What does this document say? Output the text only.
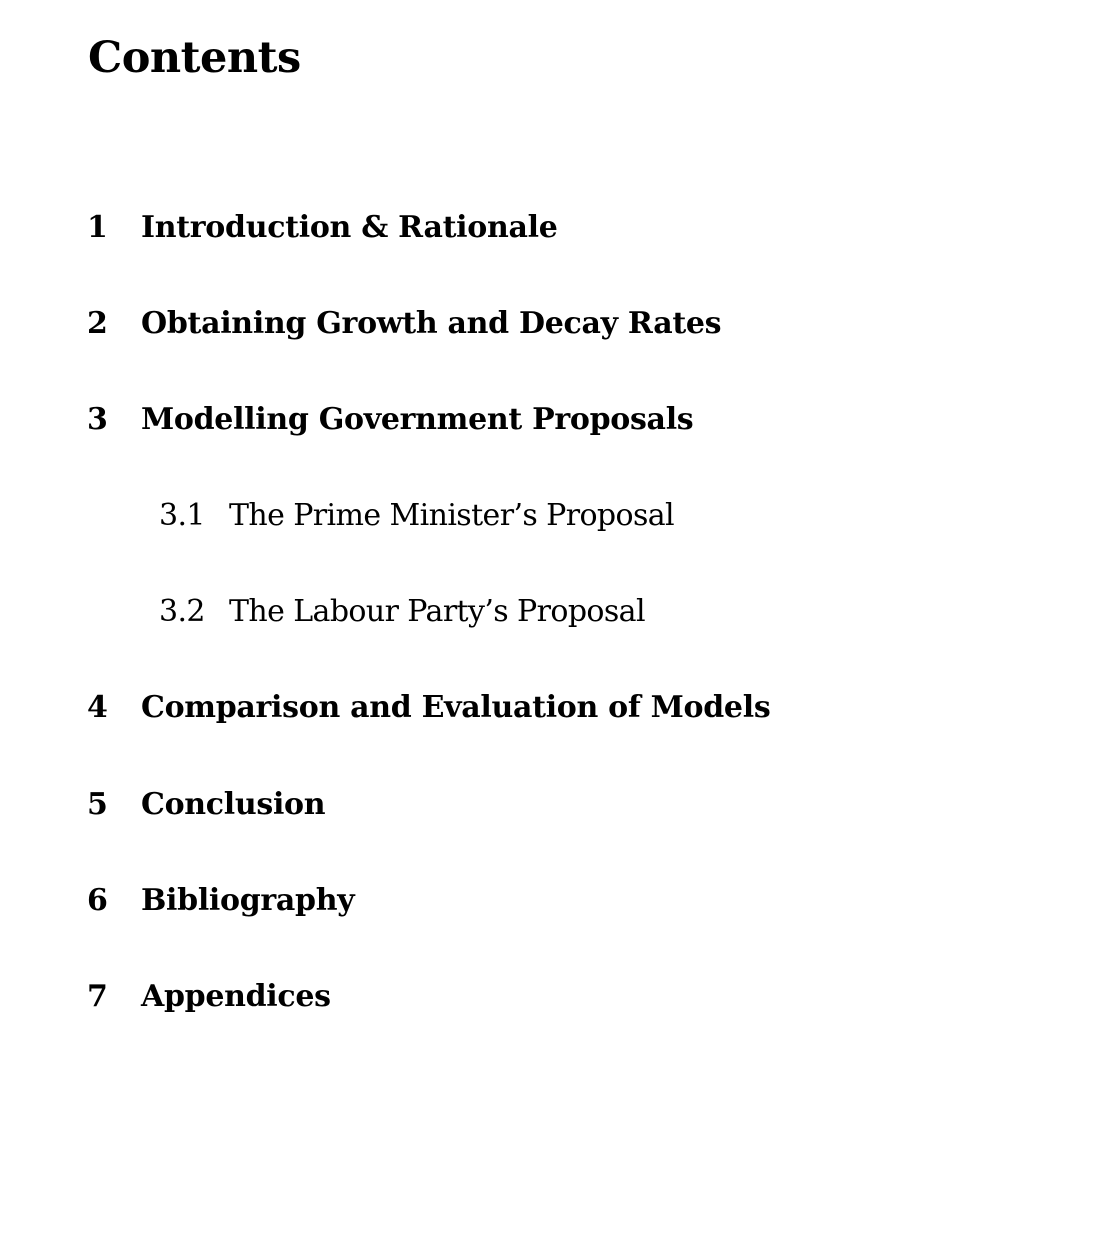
Contents
1 Introduction & Rationale
2 Obtaining Growth and Decay Rates
3 Modelling Government Proposals
3.1 The Prime Minister’s Proposal
3.2 The Labour Party’s Proposal
4 Comparison and Evaluation of Models
5 Conclusion
6 Bibliography
7 Appendices
